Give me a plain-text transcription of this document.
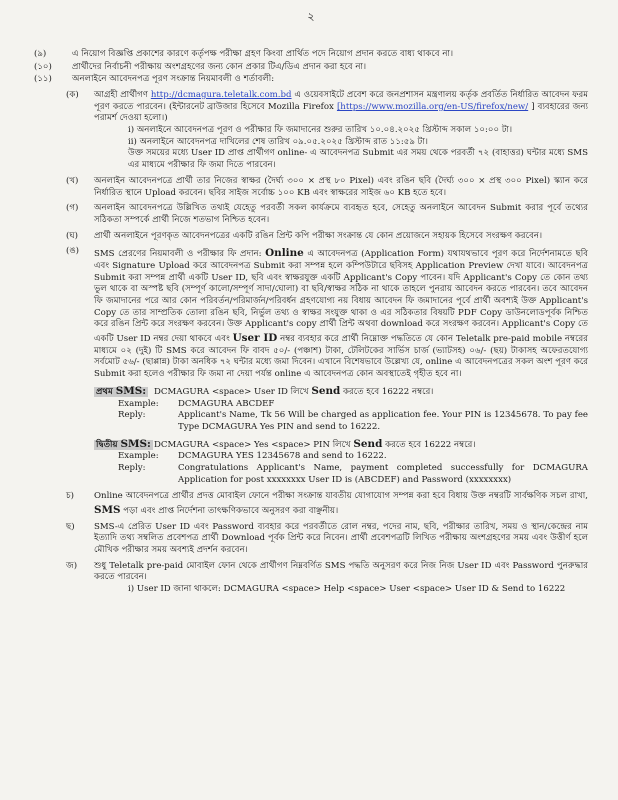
২
(৯)	এ নিয়োগ বিজ্ঞপ্তি প্রকাশের কারণে কর্তৃপক্ষ পরীক্ষা গ্রহণ কিংবা প্রার্থিত পদে নিয়োগ প্রদান করতে বাধ্য থাকবে না।
(১০)	প্রার্থীদের নির্বাচনী পরীক্ষায় অংশগ্রহণের জন্য কোন প্রকার টিএ/ডিএ প্রদান করা হবে না।
(১১)	অনলাইনে আবেদনপত্র পূরণ সংক্রান্ত নিয়মাবলী ও শর্তাবলী:
(ক)	আগ্রহী প্রার্থীগণ http://dcmagura.teletalk.com.bd এ ওয়েবসাইটে প্রবেশ করে জনপ্রশাসন মন্ত্রণালয় কর্তৃক প্রবর্তিত নির্ধারিত আবেদন ফরম পূরণ করতে পারবেন। (ইন্টারনেট ব্রাউজার হিসেবে Mozilla Firefox [https://www.mozilla.org/en-US/firefox/new/ ] ব্যবহারের জন্য পরামর্শ দেওয়া হলো।)
i) অনলাইনে আবেদনপত্র পূরণ ও পরীক্ষার ফি জমাদানের শুরুর তারিখ ১০.০৪.২০২৫ খ্রিস্টাব্দ সকাল ১০:০০ টা।
ii) অনলাইনে আবেদনপত্র দাখিলের শেষ তারিখ ০৯.০৫.২০২৫ খ্রিস্টাব্দ রাত ১১:৫৯ টা।
উক্ত সময়ের মধ্যে User ID প্রাপ্ত প্রার্থীগণ online- এ আবেদনপত্র Submit এর সময় থেকে পরবর্তী ৭২ (বাহাত্তর) ঘন্টার মধ্যে SMS এর মাধ্যমে পরীক্ষার ফি জমা দিতে পারবেন।
(খ)	অনলাইন আবেদনপত্রে প্রার্থী তার নিজের স্বাক্ষর (দৈর্ঘ্য ৩০০ × প্রস্থ ৮০ Pixel) এবং রঙিন ছবি (দৈর্ঘ্য ৩০০ × প্রস্থ ৩০০ Pixel) স্ক্যান করে নির্ধারিত স্থানে Upload করবেন। ছবির সাইজ সর্বোচ্চ ১০০ KB এবং স্বাক্ষরের সাইজ ৬০ KB হতে হবে।
(গ)	অনলাইন আবেদনপত্রে উল্লিখিত তথ্যই যেহেতু পরবর্তী সকল কার্যক্রমে ব্যবহৃত হবে, সেহেতু অনলাইনে আবেদন Submit করার পূর্বে তথ্যের সঠিকতা সম্পর্কে প্রার্থী নিজে শতভাগ নিশ্চিত হবেন।
(ঘ)	প্রার্থী অনলাইনে পূরণকৃত আবেদনপত্রের একটি রঙিন প্রিন্ট কপি পরীক্ষা সংক্রান্ত যে কোন প্রয়োজনে সহায়ক হিসেবে সংরক্ষণ করবেন।
(ঙ)	SMS প্রেরণের নিয়মাবলী ও পরীক্ষার ফি প্রদান: Online এ আবেদনপত্র (Application Form) যথাযথভাবে পূরণ করে নির্দেশনামতে ছবি এবং Signature Upload করে আবেদনপত্র Submit করা সম্পন্ন হলে কম্পিউটারে ছবিসহ Application Preview দেখা যাবে। আবেদনপত্র Submit করা সম্পন্ন প্রার্থী একটি User ID, ছবি এবং স্বাক্ষরযুক্ত একটি Applicant's Copy পাবেন। যদি Applicant's Copy তে কোন তথ্য ভুল থাকে বা অস্পষ্ট ছবি (সম্পূর্ণ কালো/সম্পূর্ণ সাদা/ঘোলা) বা ছবি/স্বাক্ষর সঠিক না থাকে তাহলে পুনরায় আবেদন করতে পারবেন। তবে আবেদন ফি জমাদানের পরে আর কোন পরিবর্তন/পরিমার্জন/পরিবর্ধন গ্রহণযোগ্য নয় বিধায় আবেদন ফি জমাদানের পূর্বে প্রার্থী অবশ্যই উক্ত Applicant's Copy তে তার সাম্প্রতিক তোলা রঙিন ছবি, নির্ভুল তথ্য ও স্বাক্ষর সংযুক্ত থাকা ও এর সঠিকতার বিষয়টি PDF Copy ডাউনলোডপূর্বক নিশ্চিত করে রঙিন প্রিন্ট করে সংরক্ষণ করবেন। উক্ত Applicant's copy প্রার্থী প্রিন্ট অথবা download করে সংরক্ষণ করবেন। Applicant's Copy তে একটি User ID নম্বর দেয়া থাকবে এবং User ID নম্বর ব্যবহার করে প্রার্থী নিম্নোক্ত পদ্ধতিতে যে কোন Teletalk pre-paid mobile নম্বরের মাধ্যমে ০২ (দুই) টি SMS করে আবেদন ফি বাবদ ৫০/- (পঞ্চাশ) টাকা, টেলিটকের সার্ভিস চার্জ (ভ্যাটসহ) ০৬/- (ছয়) টাকাসহ অফেরতযোগ্য সর্বমোট ৫৬/- (ছাপ্পান্ন) টাকা অনধিক ৭২ ঘন্টার মধ্যে জমা দিবেন। এখানে বিশেষভাবে উল্লেখ্য যে, online এ আবেদনপত্রের সকল অংশ পূরণ করে Submit করা হলেও পরীক্ষার ফি জমা না দেয়া পর্যন্ত online এ আবেদনপত্র কোন অবস্থাতেই গৃহীত হবে না।
প্রথম SMS: DCMAGURA <space> User ID লিখে Send করতে হবে 16222 নম্বরে।
Example:	DCMAGURA ABCDEF
Reply:	Applicant's Name, Tk 56 Will be charged as application fee. Your PIN is 12345678. To pay fee Type DCMAGURA Yes PIN and send to 16222.
দ্বিতীয় SMS: DCMAGURA <space> Yes <space> PIN লিখে Send করতে হবে 16222 নম্বরে।
Example:	DCMAGURA YES 12345678 and send to 16222.
Reply:	Congratulations Applicant's Name, payment completed successfully for DCMAGURA Application for post xxxxxxxx User ID is (ABCDEF) and Password (xxxxxxxx)
চ)	Online আবেদনপত্রে প্রার্থীর প্রদত্ত মোবাইল ফোনে পরীক্ষা সংক্রান্ত যাবতীয় যোগাযোগ সম্পন্ন করা হবে বিধায় উক্ত নম্বরটি সার্বক্ষণিক সচল রাখা, SMS পড়া এবং প্রাপ্ত নির্দেশনা তাৎক্ষণিকভাবে অনুসরণ করা বাঞ্ছনীয়।
ছ)	SMS-এ প্রেরিত User ID এবং Password ব্যবহার করে পরবর্তীতে রোল নম্বর, পদের নাম, ছবি, পরীক্ষার তারিখ, সময় ও স্থান/কেন্দ্রের নাম ইত্যাদি তথ্য সম্বলিত প্রবেশপত্র প্রার্থী Download পূর্বক প্রিন্ট করে নিবেন। প্রার্থী প্রবেশপত্রটি লিখিত পরীক্ষায় অংশগ্রহণের সময় এবং উত্তীর্ণ হলে মৌখিক পরীক্ষার সময় অবশ্যই প্রদর্শন করবেন।
জ)	শুধু Teletalk pre-paid মোবাইল ফোন থেকে প্রার্থীগণ নিম্নবর্ণিত SMS পদ্ধতি অনুসরণ করে নিজ নিজ User ID এবং Password পুনরুদ্ধার করতে পারবেন।
i) User ID জানা থাকলে: DCMAGURA <space> Help <space> User <space> User ID & Send to 16222
